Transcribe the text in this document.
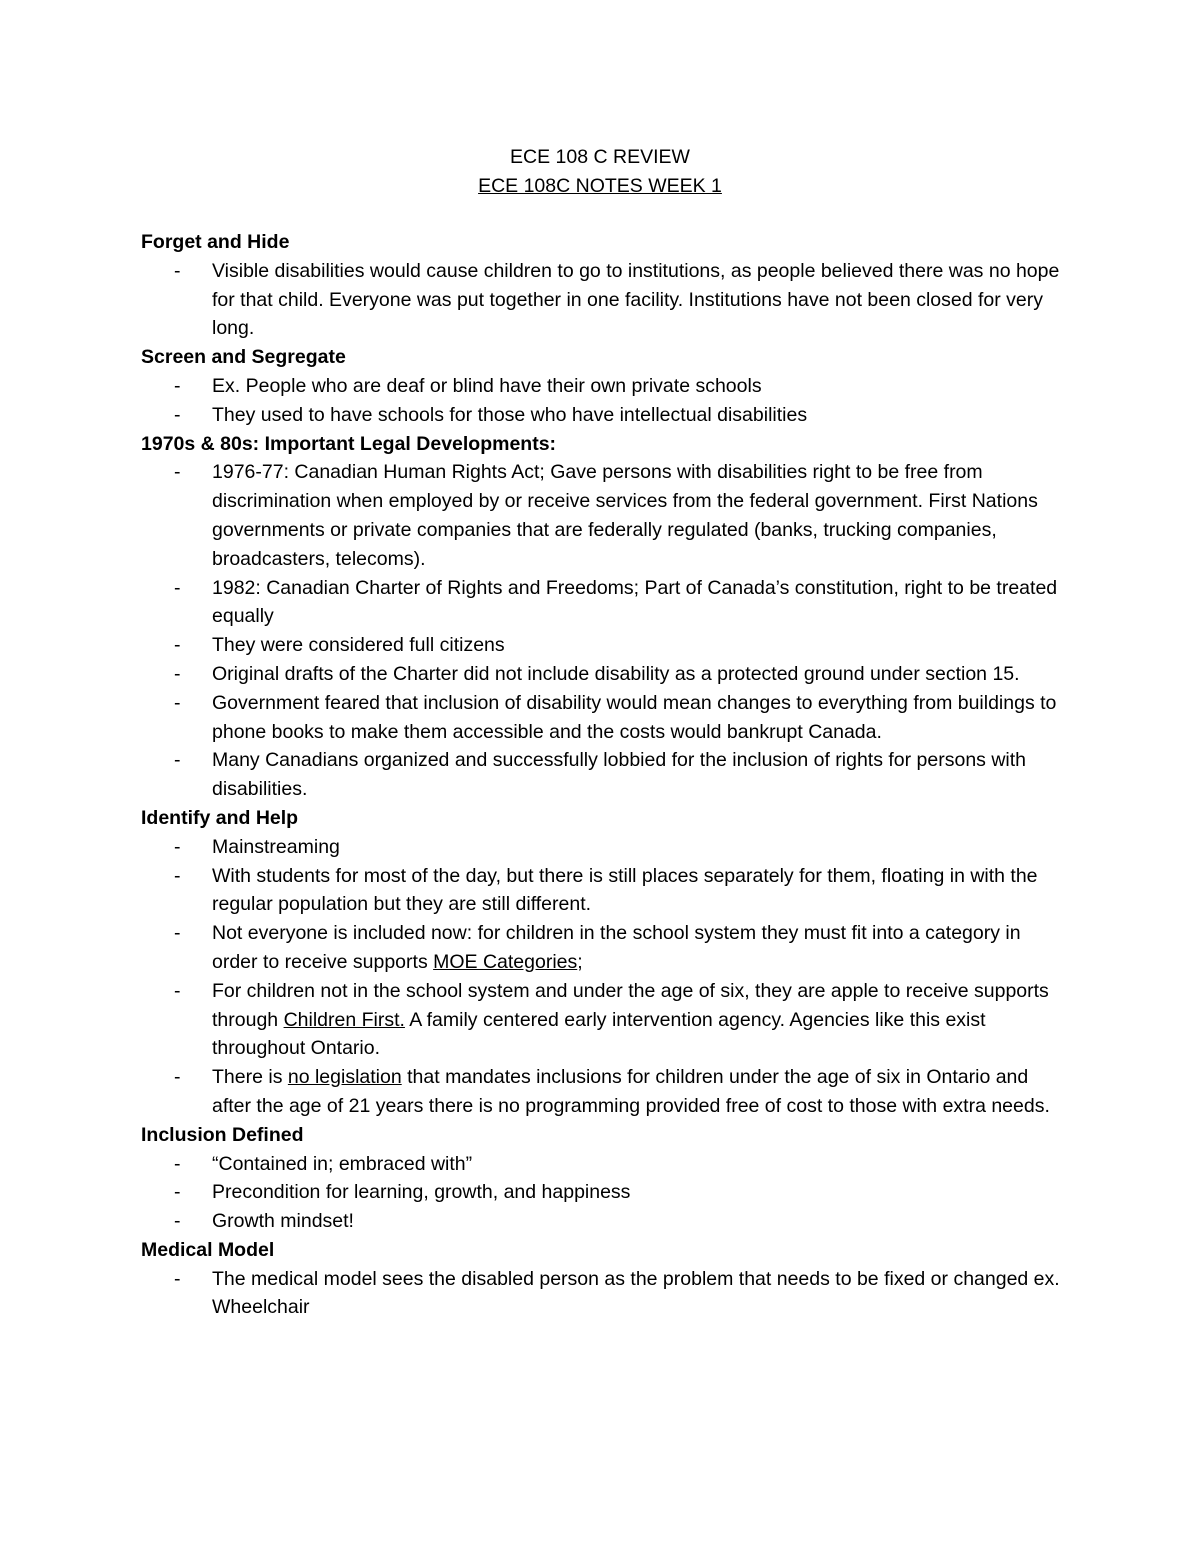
ECE 108 C REVIEW
ECE 108C NOTES WEEK 1
Forget and Hide
- Visible disabilities would cause children to go to institutions, as people believed there was no hope for that child. Everyone was put together in one facility. Institutions have not been closed for very long.
Screen and Segregate
- Ex. People who are deaf or blind have their own private schools
- They used to have schools for those who have intellectual disabilities
1970s & 80s: Important Legal Developments:
- 1976-77: Canadian Human Rights Act; Gave persons with disabilities right to be free from discrimination when employed by or receive services from the federal government. First Nations governments or private companies that are federally regulated (banks, trucking companies, broadcasters, telecoms).
- 1982: Canadian Charter of Rights and Freedoms; Part of Canada’s constitution, right to be treated equally
- They were considered full citizens
- Original drafts of the Charter did not include disability as a protected ground under section 15.
- Government feared that inclusion of disability would mean changes to everything from buildings to phone books to make them accessible and the costs would bankrupt Canada.
- Many Canadians organized and successfully lobbied for the inclusion of rights for persons with disabilities.
Identify and Help
- Mainstreaming
- With students for most of the day, but there is still places separately for them, floating in with the regular population but they are still different.
- Not everyone is included now: for children in the school system they must fit into a category in order to receive supports MOE Categories;
- For children not in the school system and under the age of six, they are apple to receive supports through Children First. A family centered early intervention agency. Agencies like this exist throughout Ontario.
- There is no legislation that mandates inclusions for children under the age of six in Ontario and after the age of 21 years there is no programming provided free of cost to those with extra needs.
Inclusion Defined
- “Contained in; embraced with”
- Precondition for learning, growth, and happiness
- Growth mindset!
Medical Model
- The medical model sees the disabled person as the problem that needs to be fixed or changed ex. Wheelchair
